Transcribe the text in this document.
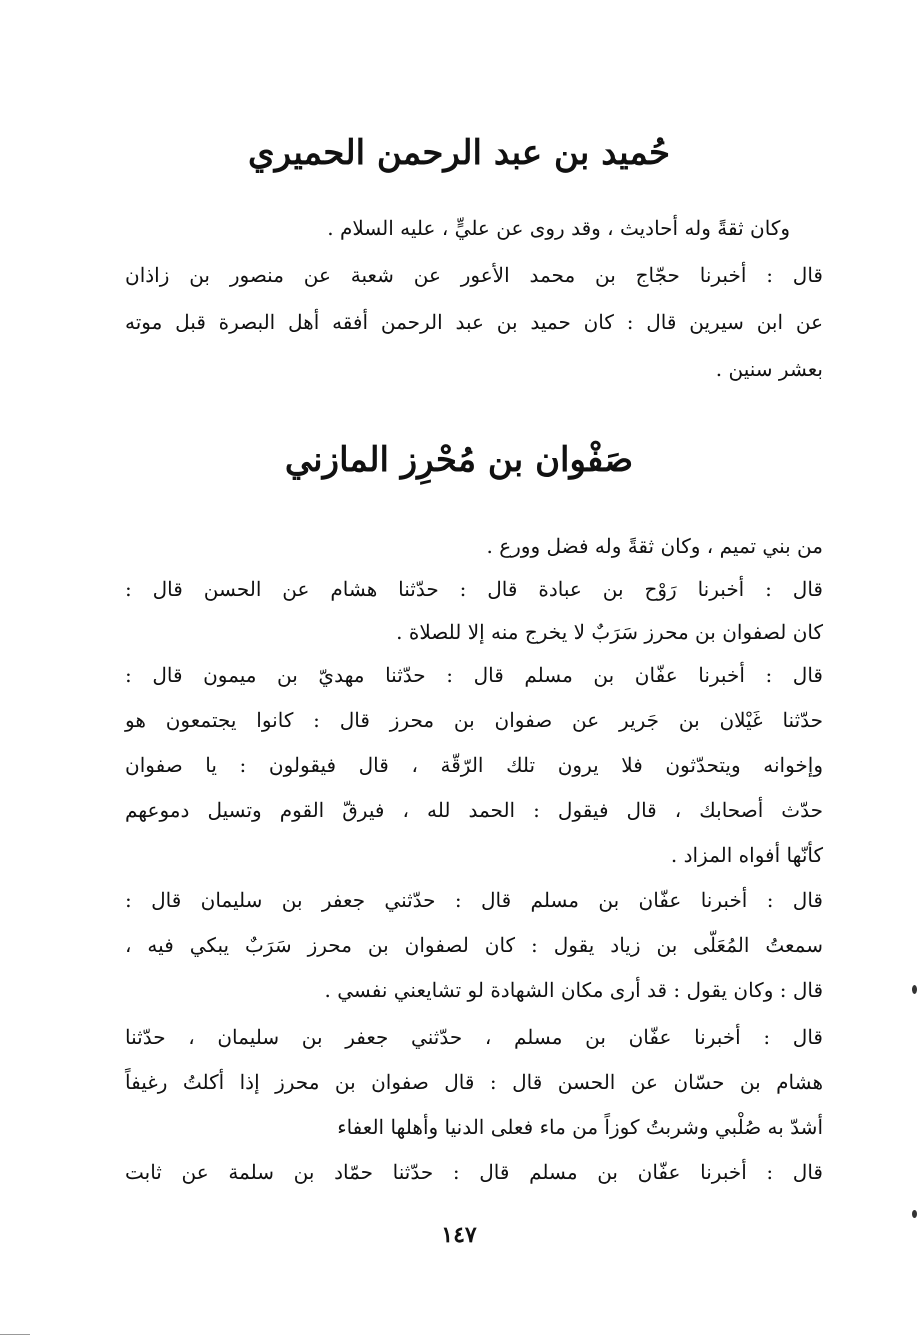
حُميد بن عبد الرحمن الحميري
وكان ثقةً وله أحاديث ، وقد روى عن عليٍّ ، عليه السلام .
قال : أخبرنا حجّاج بن محمد الأعور عن شعبة عن منصور بن زاذان
عن ابن سيرين قال : كان حميد بن عبد الرحمن أفقه أهل البصرة قبل موته
بعشر سنين .
صَفْوان بن مُحْرِز المازني
من بني تميم ، وكان ثقةً وله فضل وورع .
قال : أخبرنا رَوْح بن عبادة قال : حدّثنا هشام عن الحسن قال :
كان لصفوان بن محرز سَرَبٌ لا يخرج منه إلا للصلاة .
قال : أخبرنا عفّان بن مسلم قال : حدّثنا مهديّ بن ميمون قال :
حدّثنا غَيْلان بن جَرير عن صفوان بن محرز قال : كانوا يجتمعون هو
وإخوانه ويتحدّثون فلا يرون تلك الرّقّة ، قال فيقولون : يا صفوان
حدّث أصحابك ، قال فيقول : الحمد لله ، فيرقّ القوم وتسيل دموعهم
كأنّها أفواه المزاد .
قال : أخبرنا عفّان بن مسلم قال : حدّثني جعفر بن سليمان قال :
سمعتُ المُعَلّى بن زياد يقول : كان لصفوان بن محرز سَرَبٌ يبكي فيه ،
قال : وكان يقول : قد أرى مكان الشهادة لو تشايعني نفسي .
قال : أخبرنا عفّان بن مسلم ، حدّثني جعفر بن سليمان ، حدّثنا
هشام بن حسّان عن الحسن قال : قال صفوان بن محرز إذا أكلتُ رغيفاً
أشدّ به صُلْبي وشربتُ كوزاً من ماء فعلى الدنيا وأهلها العفاء
قال : أخبرنا عفّان بن مسلم قال : حدّثنا حمّاد بن سلمة عن ثابت
١٤٧
